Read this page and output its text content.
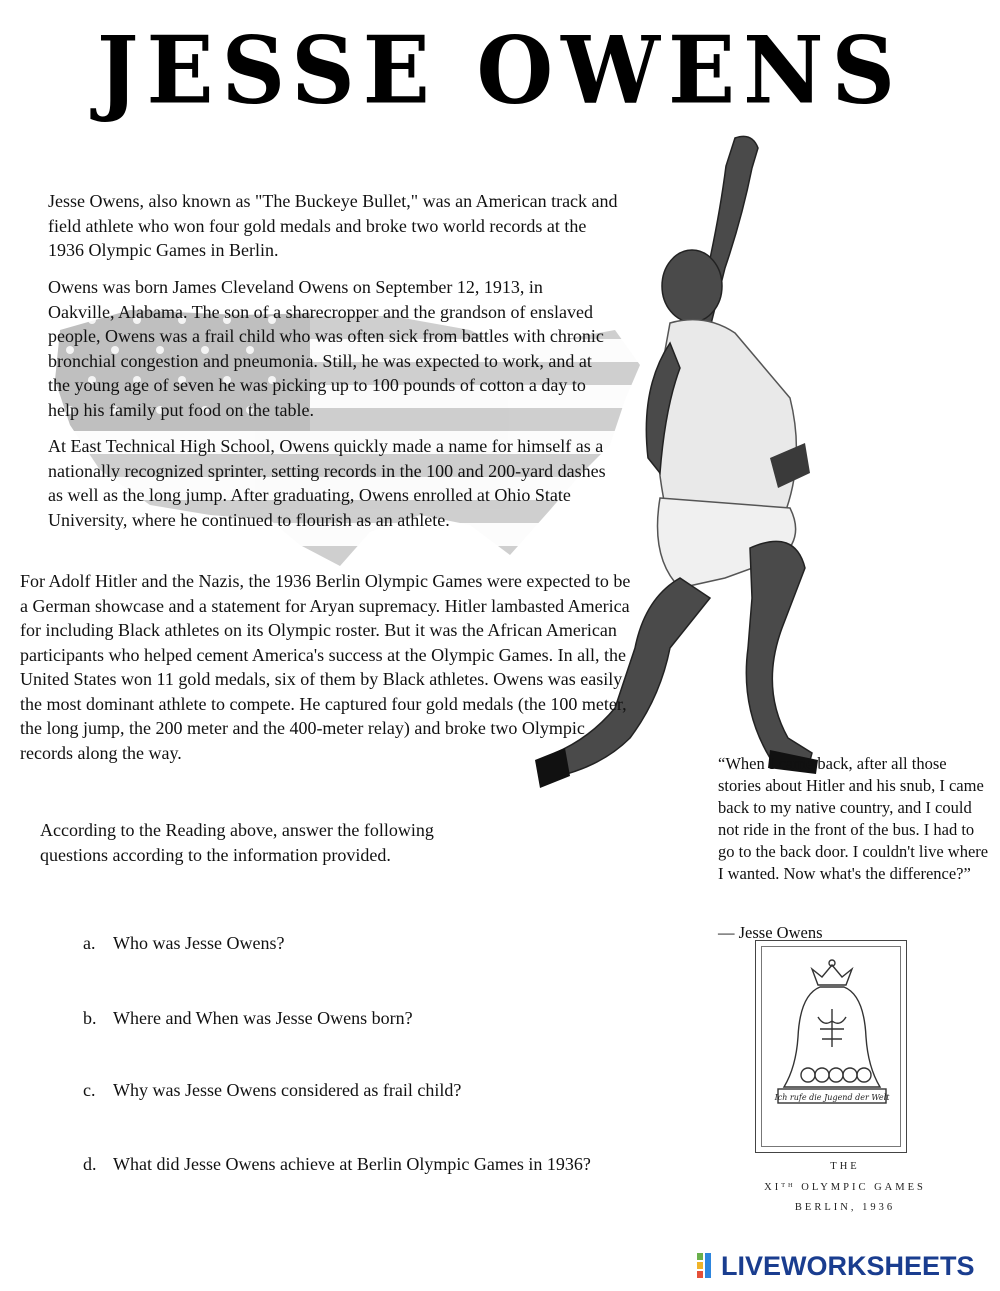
JESSE OWENS

Jesse Owens, also known as "The Buckeye Bullet," was an American track and field athlete who won four gold medals and broke two world records at the 1936 Olympic Games in Berlin.

Owens was born James Cleveland Owens on September 12, 1913, in Oakville, Alabama. The son of a sharecropper and the grandson of enslaved people, Owens was a frail child who was often sick from battles with chronic bronchial congestion and pneumonia. Still, he was expected to work, and at the young age of seven he was picking up to 100 pounds of cotton a day to help his family put food on the table.

At East Technical High School, Owens quickly made a name for himself as a nationally recognized sprinter, setting records in the 100 and 200-yard dashes as well as the long jump. After graduating, Owens enrolled at Ohio State University, where he continued to flourish as an athlete.

For Adolf Hitler and the Nazis, the 1936 Berlin Olympic Games were expected to be a German showcase and a statement for Aryan supremacy. Hitler lambasted America for including Black athletes on its Olympic roster. But it was the African American participants who helped cement America's success at the Olympic Games. In all, the United States won 11 gold medals, six of them by Black athletes. Owens was easily the most dominant athlete to compete. He captured four gold medals (the 100 meter, the long jump, the 200 meter and the 400-meter relay) and broke two Olympic records along the way.

According to the Reading above, answer the following questions according to the information provided.

a. Who was Jesse Owens?
b. Where and When was Jesse Owens born?
c. Why was Jesse Owens considered as frail child?
d. What did Jesse Owens achieve at Berlin Olympic Games in 1936?

“When I came back, after all those stories about Hitler and his snub, I came back to my native country, and I could not ride in the front of the bus. I had to go to the back door. I couldn't live where I wanted. Now what's the difference?”

— Jesse Owens
Ich rufe die Jugend der Welt
THE
XIᵀᴴ OLYMPIC GAMES
BERLIN, 1936
LIVEWORKSHEETS
